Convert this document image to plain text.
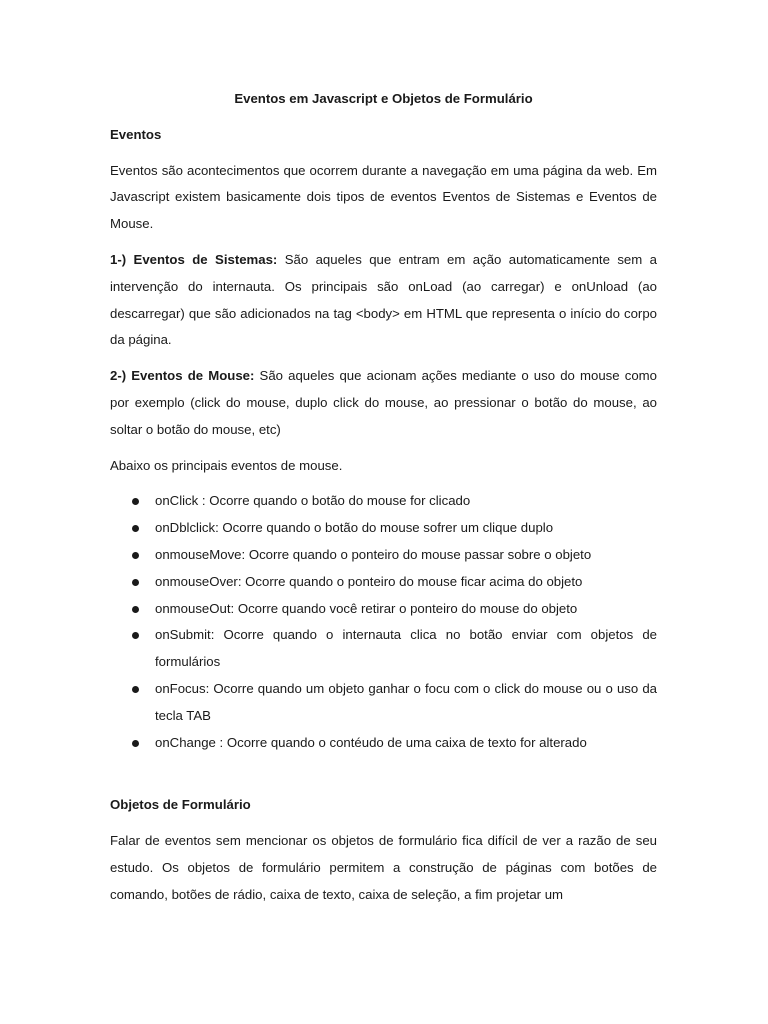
Eventos em Javascript e Objetos de Formulário
Eventos

Eventos são acontecimentos que ocorrem durante a navegação em uma página da web. Em Javascript existem basicamente dois tipos de eventos Eventos de Sistemas e Eventos de Mouse.

1-) Eventos de Sistemas: São aqueles que entram em ação automaticamente sem a intervenção do internauta. Os principais são onLoad (ao carregar) e onUnload (ao descarregar) que são adicionados na tag <body> em HTML que representa o início do corpo da página.

2-) Eventos de Mouse: São aqueles que acionam ações mediante o uso do mouse como por exemplo (click do mouse, duplo click do mouse, ao pressionar o botão do mouse, ao soltar o botão do mouse, etc)

Abaixo os principais eventos de mouse.

onClick : Ocorre quando o botão do mouse for clicado
onDblclick: Ocorre quando o botão do mouse sofrer um clique duplo
onmouseMove: Ocorre quando o ponteiro do mouse passar sobre o objeto
onmouseOver: Ocorre quando o ponteiro do mouse ficar acima do objeto
onmouseOut: Ocorre quando você retirar o ponteiro do mouse do objeto
onSubmit: Ocorre quando o internauta clica no botão enviar com objetos de formulários
onFocus: Ocorre quando um objeto ganhar o focu com o click do mouse ou o uso da tecla TAB
onChange : Ocorre quando o contéudo de uma caixa de texto for alterado
Objetos de Formulário

Falar de eventos sem mencionar os objetos de formulário fica difícil de ver a razão de seu estudo. Os objetos de formulário permitem a construção de páginas com botões de comando, botões de rádio, caixa de texto, caixa de seleção, a fim projetar um
